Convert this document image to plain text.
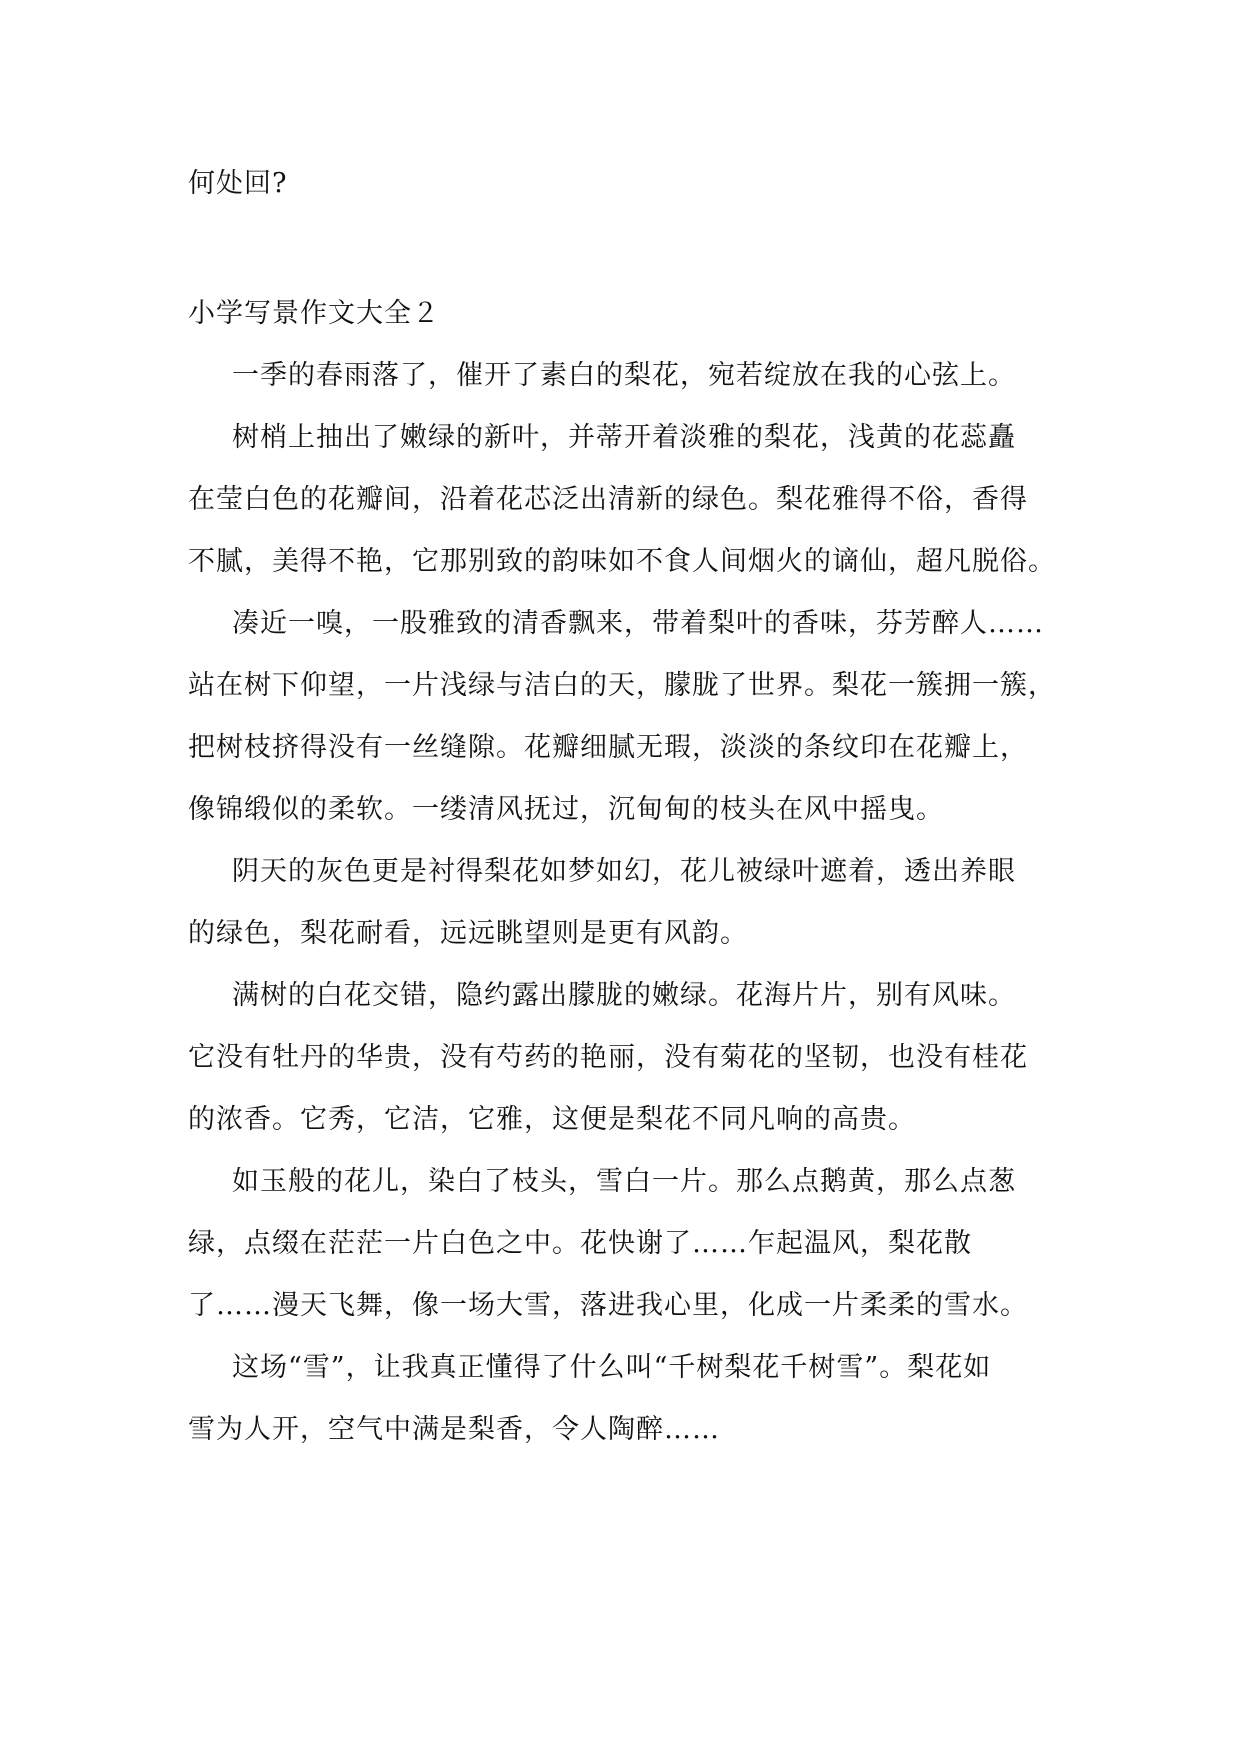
何处回?
小学写景作文大全２
一季的春雨落了，催开了素白的梨花，宛若绽放在我的心弦上。
树梢上抽出了嫩绿的新叶，并蒂开着淡雅的梨花，浅黄的花蕊矗
在莹白色的花瓣间，沿着花芯泛出清新的绿色。梨花雅得不俗，香得
不腻，美得不艳，它那别致的韵味如不食人间烟火的谪仙，超凡脱俗。
凑近一嗅，一股雅致的清香飘来，带着梨叶的香味，芬芳醉人……
站在树下仰望，一片浅绿与洁白的天，朦胧了世界。梨花一簇拥一簇，
把树枝挤得没有一丝缝隙。花瓣细腻无瑕，淡淡的条纹印在花瓣上，
像锦缎似的柔软。一缕清风抚过，沉甸甸的枝头在风中摇曳。
阴天的灰色更是衬得梨花如梦如幻，花儿被绿叶遮着，透出养眼
的绿色，梨花耐看，远远眺望则是更有风韵。
满树的白花交错，隐约露出朦胧的嫩绿。花海片片，别有风味。
它没有牡丹的华贵，没有芍药的艳丽，没有菊花的坚韧，也没有桂花
的浓香。它秀，它洁，它雅，这便是梨花不同凡响的高贵。
如玉般的花儿，染白了枝头，雪白一片。那么点鹅黄，那么点葱
绿，点缀在茫茫一片白色之中。花快谢了……乍起温风，梨花散
了……漫天飞舞，像一场大雪，落进我心里，化成一片柔柔的雪水。
这场“雪”，让我真正懂得了什么叫“千树梨花千树雪”。梨花如
雪为人开，空气中满是梨香，令人陶醉……
